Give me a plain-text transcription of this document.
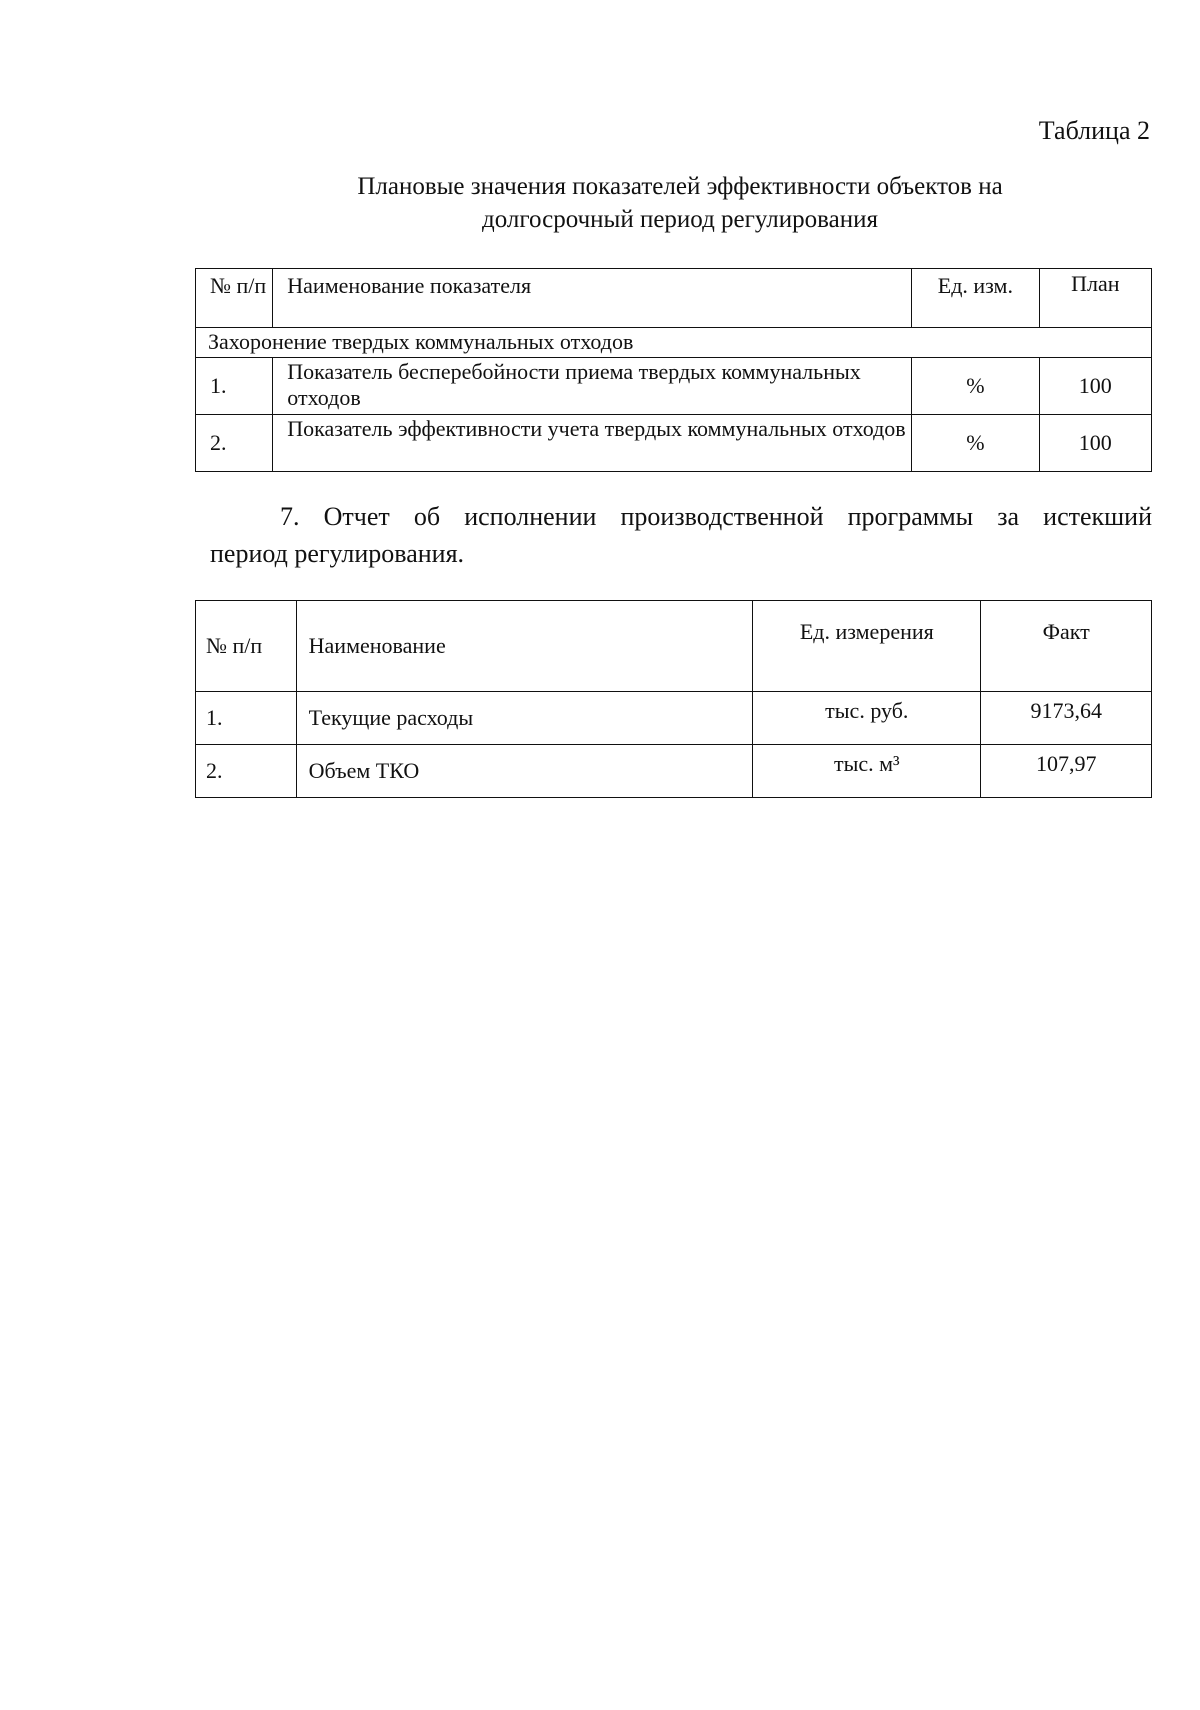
Таблица 2
Плановые значения показателей эффективности объектов на
долгосрочный период регулирования
№ п/п	Наименование показателя	Ед. изм.	План
Захоронение твердых коммунальных отходов			
1.	Показатель бесперебойности приема твердых коммунальных отходов	%	100
2.	Показатель эффективности учета твердых коммунальных отходов	%	100
7. Отчет об исполнении производственной программы за истекший
период регулирования.
№ п/п	Наименование	Ед. измерения	Факт
1.	Текущие расходы	тыс. руб.	9173,64
2.	Объем ТКО	тыс. м³	107,97
